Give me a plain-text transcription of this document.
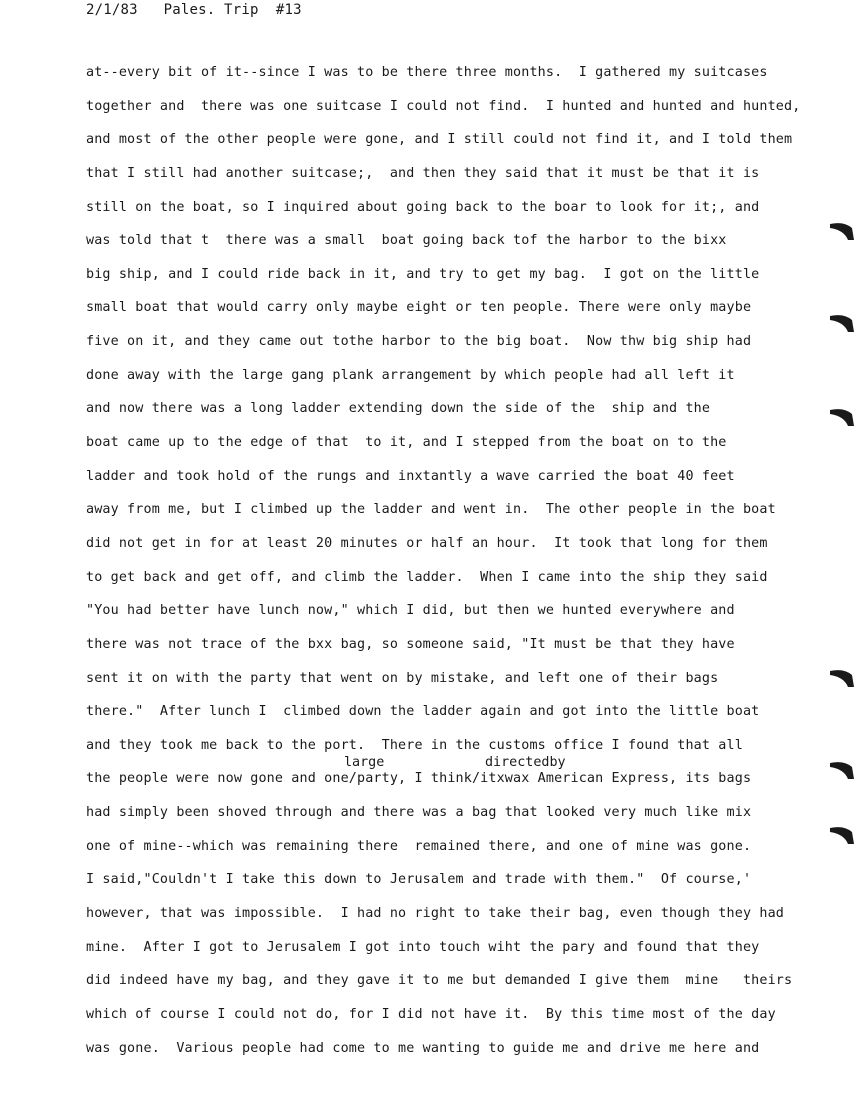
2/1/83   Pales. Trip  #13
at--every bit of it--since I was to be there three months.  I gathered my suitcases
together and  there was one suitcase I could not find.  I hunted and hunted and hunted,
and most of the other people were gone, and I still could not find it, and I told them
that I still had another suitcase;,  and then they said that it must be that it is
still on the boat, so I inquired about going back to the boar to look for it;, and
was told that t  there was a small  boat going back tof the harbor to the bixx
big ship, and I could ride back in it, and try to get my bag.  I got on the little
small boat that would carry only maybe eight or ten people. There were only maybe
five on it, and they came out tothe harbor to the big boat.  Now thw big ship had
done away with the large gang plank arrangement by which people had all left it
and now there was a long ladder extending down the side of the  ship and the
boat came up to the edge of that  to it, and I stepped from the boat on to the
ladder and took hold of the rungs and inxtantly a wave carried the boat 40 feet
away from me, but I climbed up the ladder and went in.  The other people in the boat
did not get in for at least 20 minutes or half an hour.  It took that long for them
to get back and get off, and climb the ladder.  When I came into the ship they said
"You had better have lunch now," which I did, but then we hunted everywhere and
there was not trace of the bxx bag, so someone said, "It must be that they have
sent it on with the party that went on by mistake, and left one of their bags
there."  After lunch I  climbed down the ladder again and got into the little boat
and they took me back to the port.  There in the customs office I found that all
the people were now gone and one/party, I think/itxwax American Express, its bags
had simply been shoved through and there was a bag that looked very much like mix
one of mine--which was remaining there  remained there, and one of mine was gone.
I said,"Couldn't I take this down to Jerusalem and trade with them."  Of course,'
however, that was impossible.  I had no right to take their bag, even though they had
mine.  After I got to Jerusalem I got into touch wiht the pary and found that they
did indeed have my bag, and they gave it to me but demanded I give them  mine   theirs
which of course I could not do, for I did not have it.  By this time most of the day
was gone.  Various people had come to me wanting to guide me and drive me here and
large	directedby
